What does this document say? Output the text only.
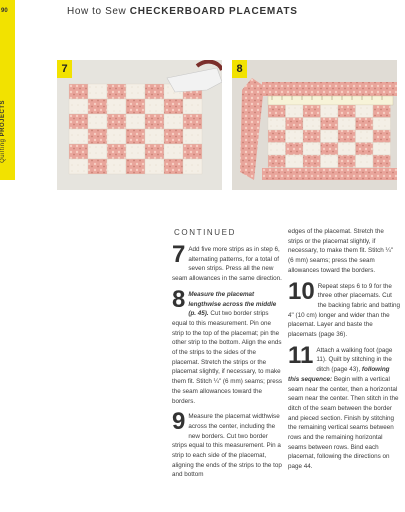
90
Quilting PROJECTS
How to Sew CHECKERBOARD PLACEMATS
7	8
CONTINUED
7 Add five more strips as in step 6, alternating patterns, for a total of seven strips. Press all the new seam allowances in the same direction.

8 Measure the placemat lengthwise across the middle (p. 45). Cut two border strips equal to this measurement. Pin one strip to the top of the placemat; pin the other strip to the bottom. Align the ends of the strips to the sides of the placemat. Stretch the strips or the placemat slightly, if necessary, to make them fit. Stitch ¼" (6 mm) seams; press the seam allowances toward the borders.

9 Measure the placemat widthwise across the center, including the new borders. Cut two border strips equal to this measurement. Pin a strip to each side of the placemat, aligning the ends of the strips to the top and bottom

edges of the placemat. Stretch the strips or the placemat slightly, if necessary, to make them fit. Stitch ¼" (6 mm) seams; press the seam allowances toward the borders.

10 Repeat steps 6 to 9 for the three other placemats. Cut the backing fabric and batting 4" (10 cm) longer and wider than the placemat. Layer and baste the placemats (page 36).

11 Attach a walking foot (page 11). Quilt by stitching in the ditch (page 43), following this sequence: Begin with a vertical seam near the center, then a horizontal seam near the center. Then stitch in the ditch of the seam between the border and pieced section. Finish by stitching the remaining vertical seams between rows and the remaining horizontal seams between rows. Bind each placemat, following the directions on page 44.
